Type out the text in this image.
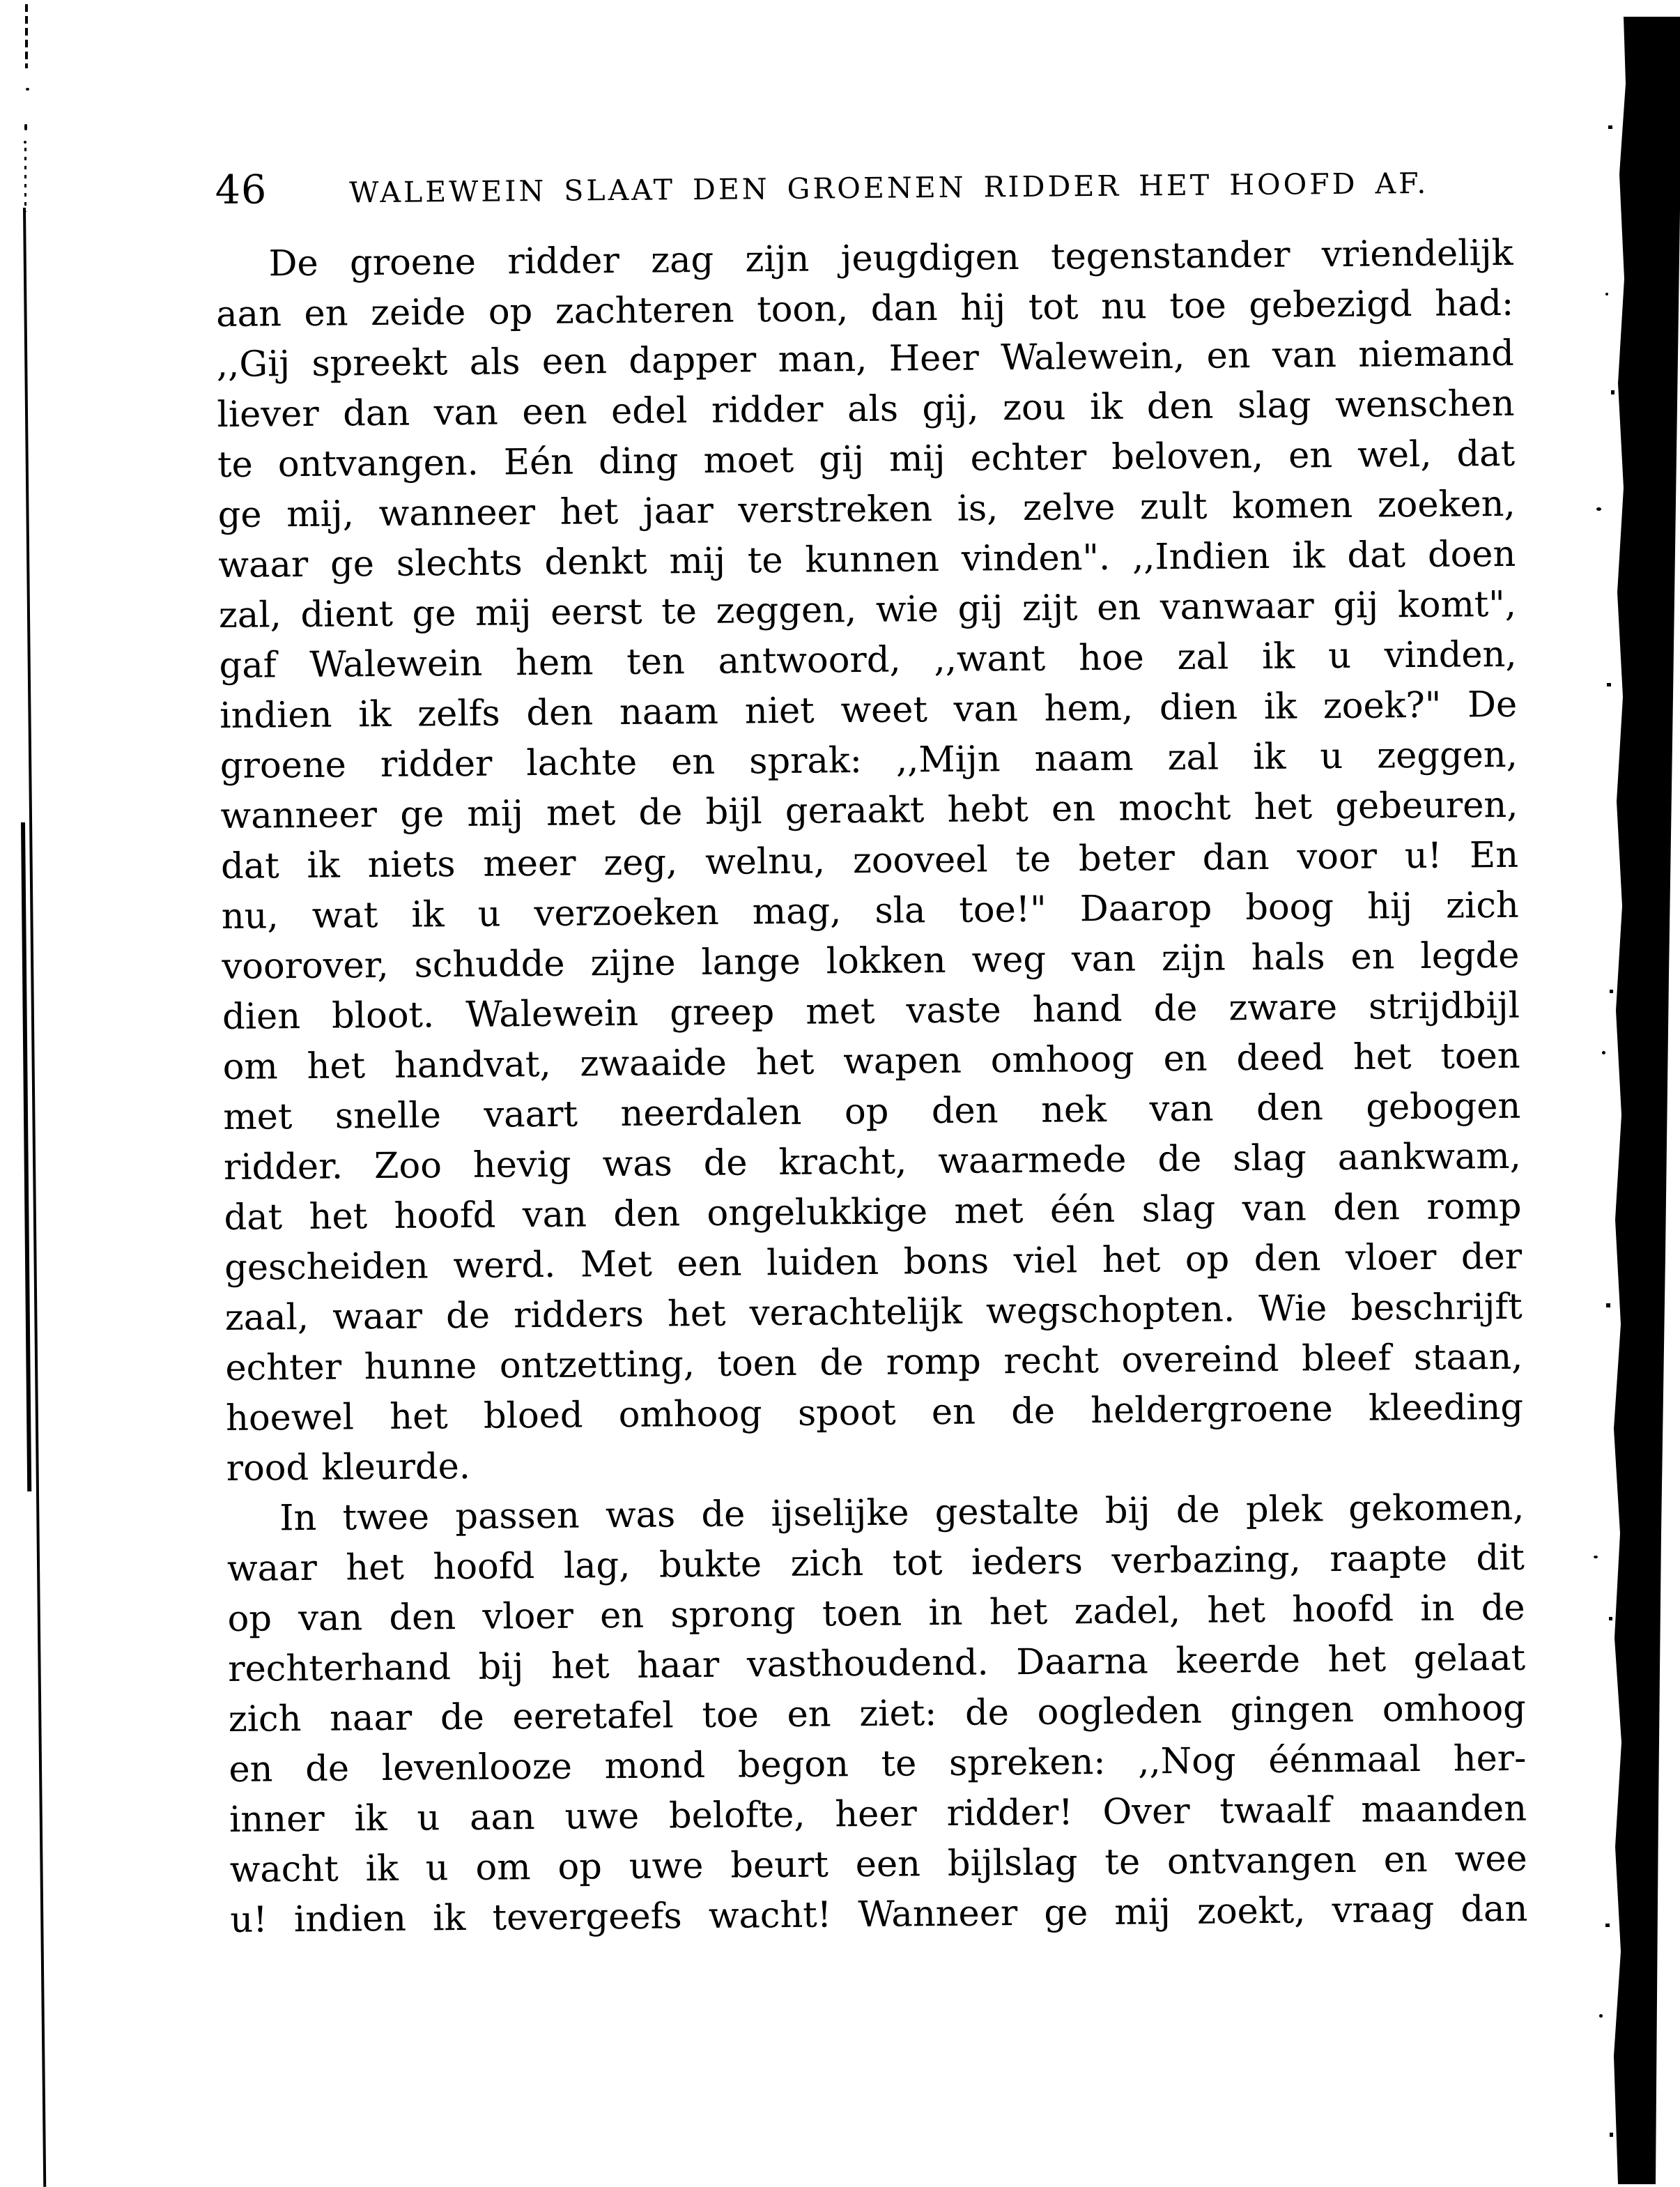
46	WALEWEIN SLAAT DEN GROENEN RIDDER HET HOOFD AF.

De groene ridder zag zijn jeugdigen tegenstander vriendelijk

aan en zeide op zachteren toon, dan hij tot nu toe gebezigd had:

,,Gij spreekt als een dapper man, Heer Walewein, en van niemand

liever dan van een edel ridder als gij, zou ik den slag wenschen

te ontvangen. Eén ding moet gij mij echter beloven, en wel, dat

ge mij, wanneer het jaar verstreken is, zelve zult komen zoeken,

waar ge slechts denkt mij te kunnen vinden". ,,Indien ik dat doen

zal, dient ge mij eerst te zeggen, wie gij zijt en vanwaar gij komt",

gaf Walewein hem ten antwoord, ,,want hoe zal ik u vinden,

indien ik zelfs den naam niet weet van hem, dien ik zoek?" De

groene ridder lachte en sprak: ,,Mijn naam zal ik u zeggen,

wanneer ge mij met de bijl geraakt hebt en mocht het gebeuren,

dat ik niets meer zeg, welnu, zooveel te beter dan voor u! En

nu, wat ik u verzoeken mag, sla toe!" Daarop boog hij zich

voorover, schudde zijne lange lokken weg van zijn hals en legde

dien bloot. Walewein greep met vaste hand de zware strijdbijl

om het handvat, zwaaide het wapen omhoog en deed het toen

met snelle vaart neerdalen op den nek van den gebogen

ridder. Zoo hevig was de kracht, waarmede de slag aankwam,

dat het hoofd van den ongelukkige met één slag van den romp

gescheiden werd. Met een luiden bons viel het op den vloer der

zaal, waar de ridders het verachtelijk wegschopten. Wie beschrijft

echter hunne ontzetting, toen de romp recht overeind bleef staan,

hoewel het bloed omhoog spoot en de heldergroene kleeding

rood kleurde.

In twee passen was de ijselijke gestalte bij de plek gekomen,

waar het hoofd lag, bukte zich tot ieders verbazing, raapte dit

op van den vloer en sprong toen in het zadel, het hoofd in de

rechterhand bij het haar vasthoudend. Daarna keerde het gelaat

zich naar de eeretafel toe en ziet: de oogleden gingen omhoog

en de levenlooze mond begon te spreken: ,,Nog éénmaal her-

inner ik u aan uwe belofte, heer ridder! Over twaalf maanden

wacht ik u om op uwe beurt een bijlslag te ontvangen en wee

u! indien ik tevergeefs wacht! Wanneer ge mij zoekt, vraag dan
